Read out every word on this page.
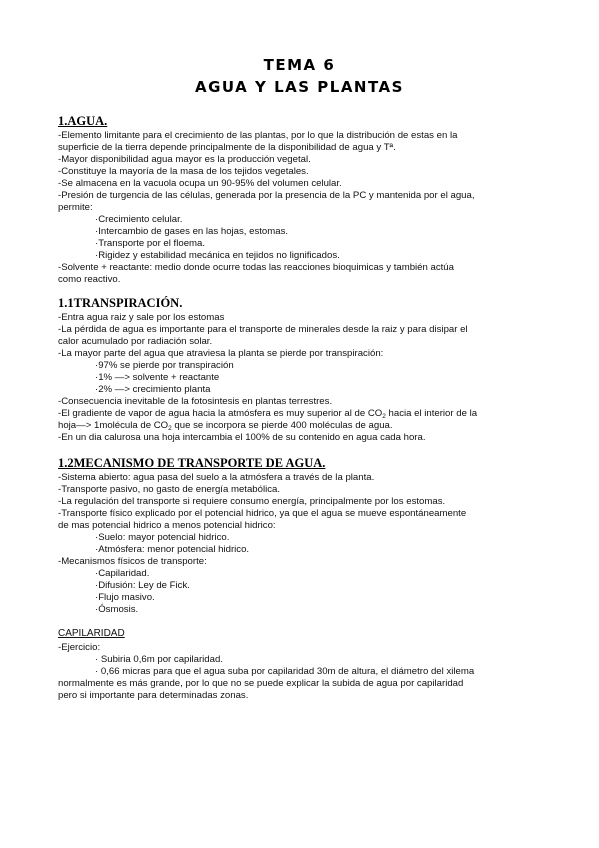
TEMA 6
AGUA Y LAS PLANTAS
1.AGUA.
-Elemento limitante para el crecimiento de las plantas, por lo que la distribución de estas en la
superficie de la tierra depende principalmente de la disponibilidad de agua y Tª.
-Mayor disponibilidad agua mayor es la producción vegetal.
-Constituye la mayoría de la masa de los tejidos vegetales.
-Se almacena en la vacuola ocupa un 90-95% del volumen celular.
-Presión de turgencia de las células, generada por la presencia de la PC y mantenida por el agua,
permite:
·Crecimiento celular.
·Intercambio de gases en las hojas, estomas.
·Transporte por el floema.
·Rigidez y estabilidad mecánica en tejidos no lignificados.
-Solvente + reactante: medio donde ocurre todas las reacciones bioquimicas y también actúa
como reactivo.
1.1TRANSPIRACIÓN.
-Entra agua raiz y sale por los estomas
-La pérdida de agua es importante para el transporte de minerales desde la raiz y para disipar el
calor acumulado por radiación solar.
-La mayor parte del agua que atraviesa la planta se pierde por transpiración:
·97% se pierde por transpiración
·1% —> solvente + reactante
·2% —> crecimiento planta
-Consecuencia inevitable de la fotosintesis en plantas terrestres.
-El gradiente de vapor de agua hacia la atmósfera es muy superior al de $CO_2$ hacia el interior de la
hoja—> 1molécula de $CO_2$ que se incorpora se pierde 400 moléculas de agua.
-En un dia calurosa una hoja intercambia el 100% de su contenido en agua cada hora.
1.2MECANISMO DE TRANSPORTE DE AGUA.
-Sistema abierto: agua pasa del suelo a la atmósfera a través de la planta.
-Transporte pasivo, no gasto de energía metabólica.
-La regulación del transporte si requiere consumo energía, principalmente por los estomas.
-Transporte físico explicado por el potencial hidrico, ya que el agua se mueve espontáneamente
de mas potencial hidrico a menos potencial hidrico:
·Suelo: mayor potencial hidrico.
·Atmósfera: menor potencial hidrico.
-Mecanismos físicos de transporte:
·Capilaridad.
·Difusión: Ley de Fick.
·Flujo masivo.
·Ósmosis.
CAPILARIDAD
-Ejercicio:
· Subiria 0,6m por capilaridad.
· 0,66 micras para que el agua suba por capilaridad 30m de altura, el diámetro del xilema
normalmente es más grande, por lo que no se puede explicar la subida de agua por capilaridad
pero si importante para determinadas zonas.
